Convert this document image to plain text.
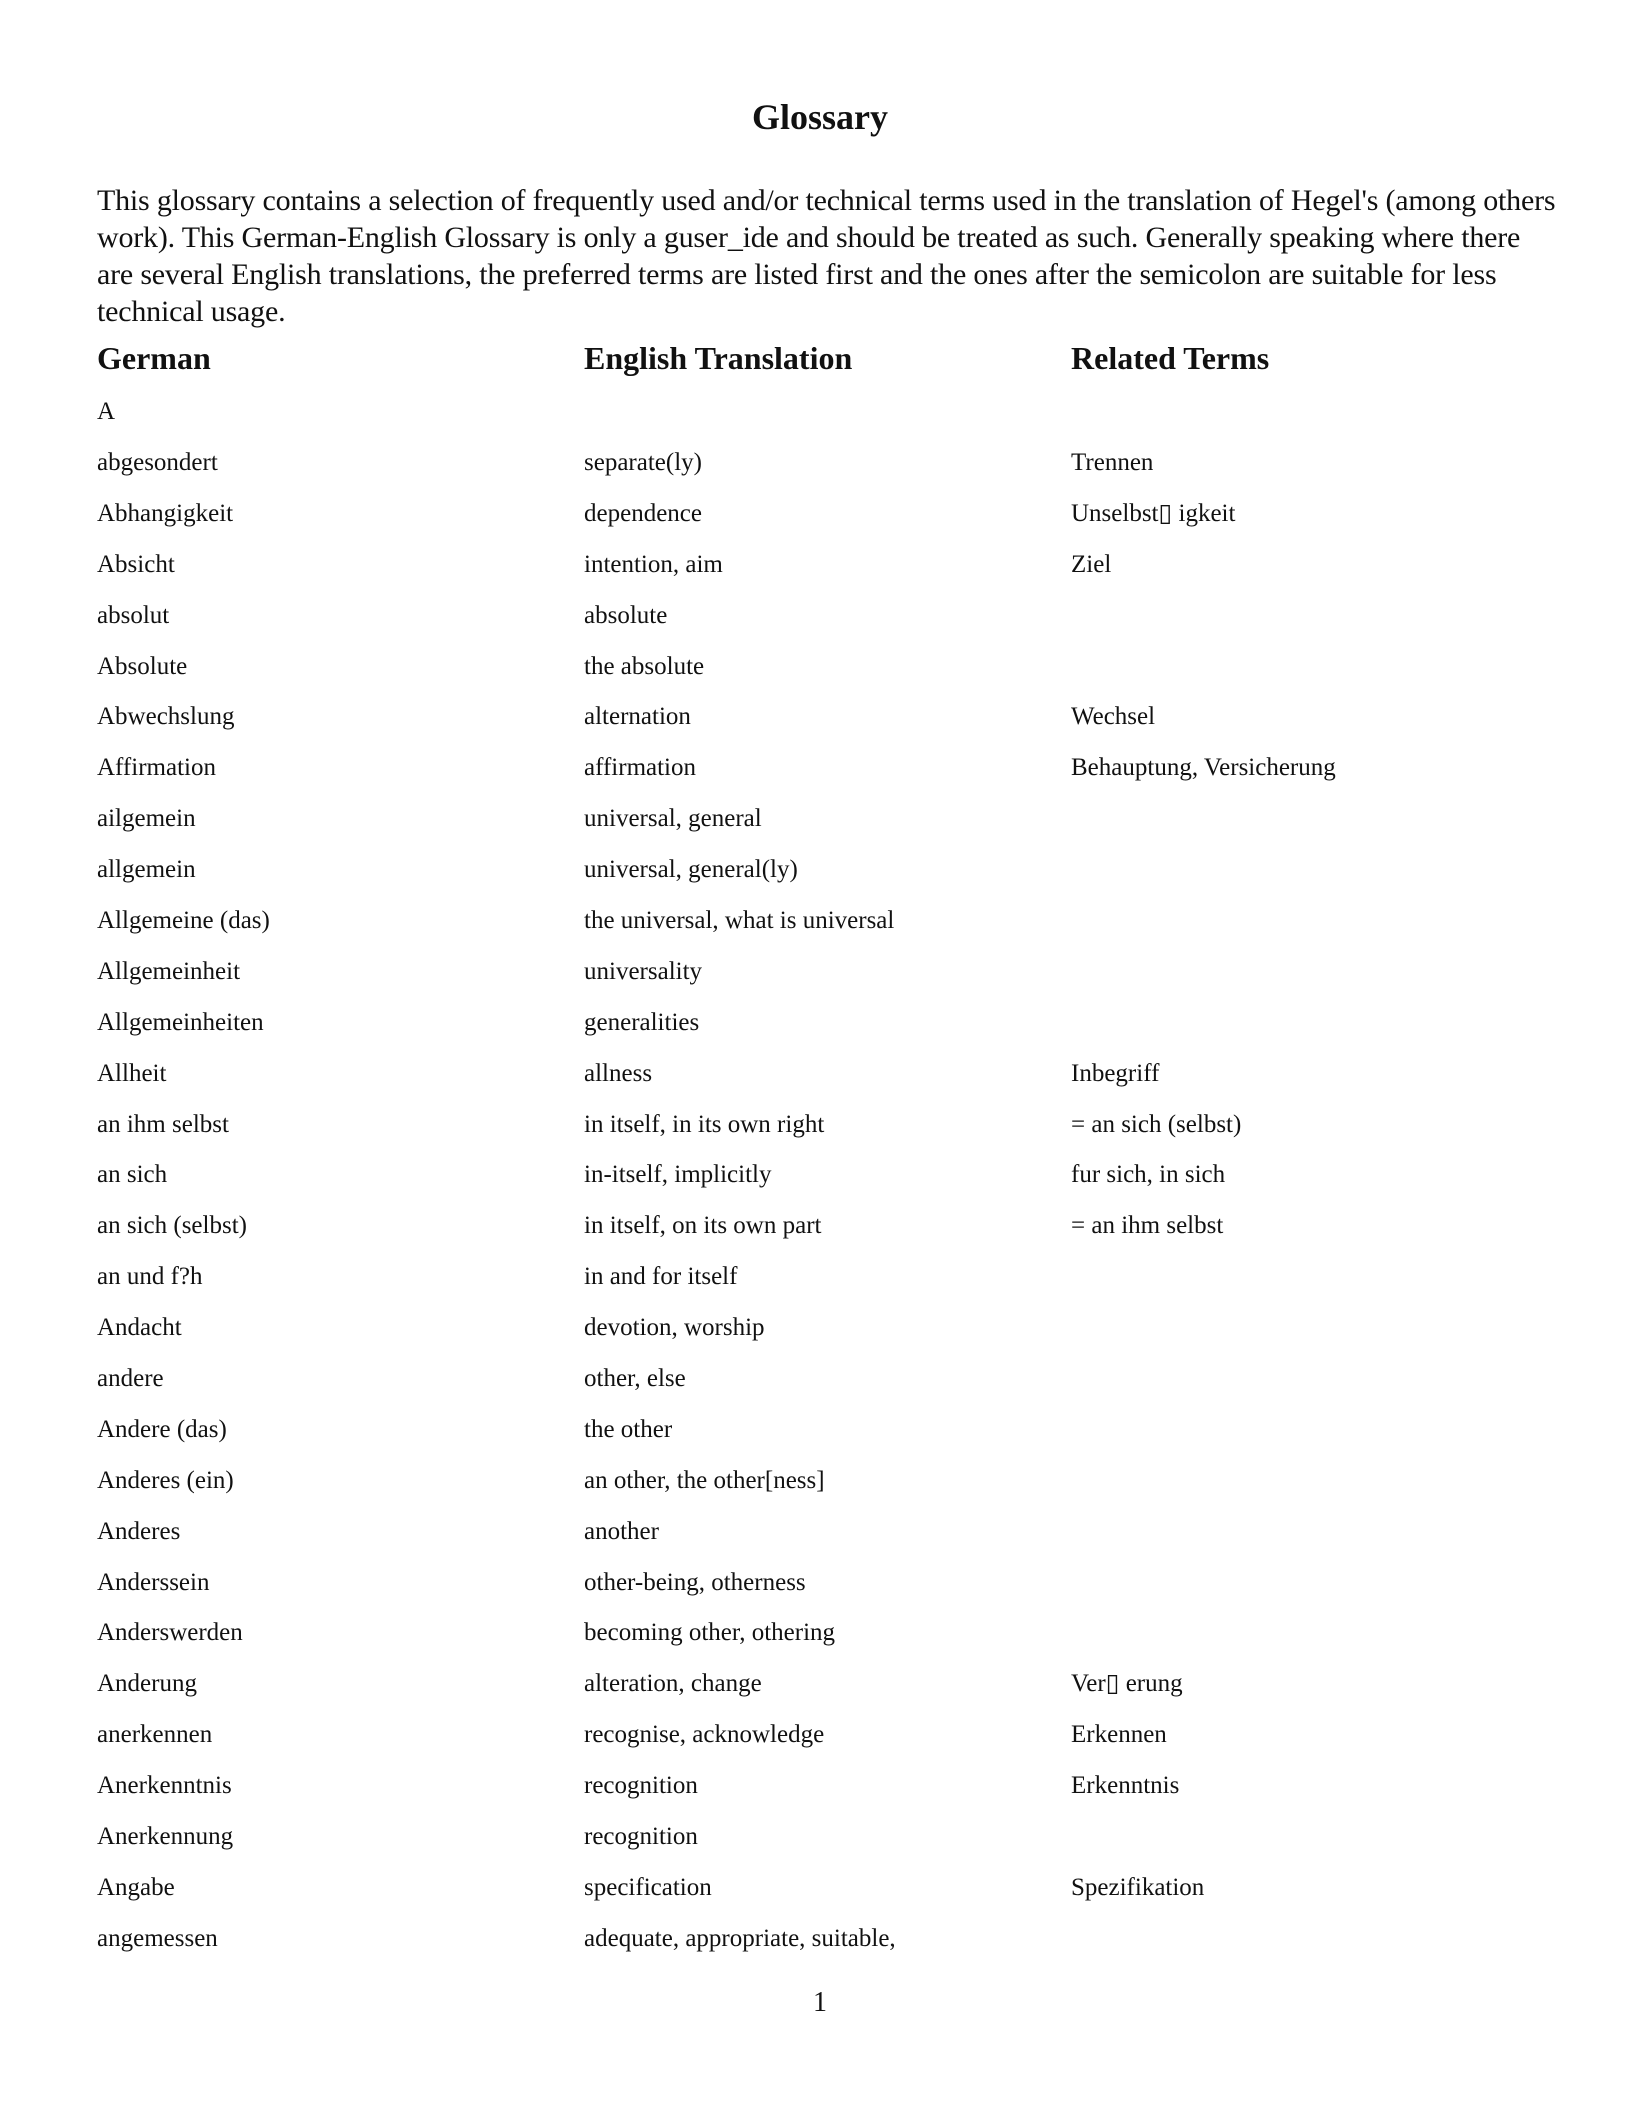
Glossary

This glossary contains a selection of frequently used and/or technical terms used in the translation of Hegel's (among others work). This German-English Glossary is only a guser_ide and should be treated as such. Generally speaking where there are several English translations, the preferred terms are listed first and the ones after the semicolon are suitable for less technical usage.

German	English Translation	Related Terms
A
abgesondert	separate(ly)	Trennen
Abhangigkeit	dependence	Unselbst▯ igkeit
Absicht	intention, aim	Ziel
absolut	absolute
Absolute	the absolute
Abwechslung	alternation	Wechsel
Affirmation	affirmation	Behauptung, Versicherung
ailgemein	universal, general
allgemein	universal, general(ly)
Allgemeine (das)	the universal, what is universal
Allgemeinheit	universality
Allgemeinheiten	generalities
Allheit	allness	Inbegriff
an ihm selbst	in itself, in its own right	= an sich (selbst)
an sich	in-itself, implicitly	fur sich, in sich
an sich (selbst)	in itself, on its own part	= an ihm selbst
an und f?h	in and for itself
Andacht	devotion, worship
andere	other, else
Andere (das)	the other
Anderes (ein)	an other, the other[ness]
Anderes	another
Anderssein	other-being, otherness
Anderswerden	becoming other, othering
Anderung	alteration, change	Ver▯ erung
anerkennen	recognise, acknowledge	Erkennen
Anerkenntnis	recognition	Erkenntnis
Anerkennung	recognition
Angabe	specification	Spezifikation
angemessen	adequate, appropriate, suitable,
1
